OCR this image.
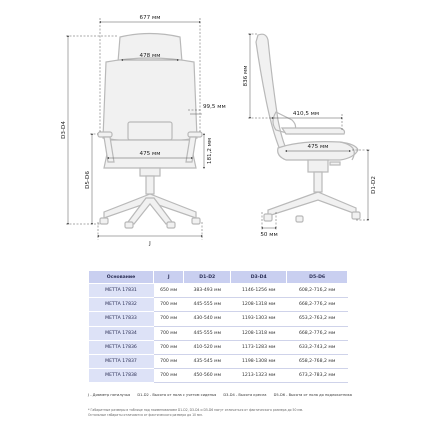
677 мм
478 мм
99,5 мм
475 мм	181,2 мм
D3-D4
D5-D6
J
836 мм
410,5 мм
475 мм
D1-D2
50 мм
Основание	J	D1-D2	D3-D4	D5-D6
МЕТТА 17831	650 мм	383-493 мм	1146-1256 мм	608,2-716,2 мм
МЕТТА 17832	700 мм	445-555 мм	1208-1318 мм	668,2-776,2 мм
МЕТТА 17833	700 мм	430-540 мм	1193-1303 мм	653,2-763,2 мм
МЕТТА 17834	700 мм	445-555 мм	1208-1318 мм	668,2-776,2 мм
МЕТТА 17836	700 мм	410-520 мм	1173-1283 мм	633,2-743,2 мм
МЕТТА 17837	700 мм	435-545 мм	1198-1308 мм	658,2-768,2 мм
МЕТТА 17838	700 мм	450-560 мм	1213-1323 мм	673,2-783,2 мм
J - Диаметр пятилучья D1-D2 - Высота от пола с учетом сиденья D3-D4 - Высота кресла D5-D6 - Высота от пола до подлокотника
* Габаритные размеры в таблице под наименованием D1-D2, D3-D4 и D5-D6 могут отличаться от фактического размера до 50 мм.
Остальные габариты отличаются от фактического размера до 10 мм.
